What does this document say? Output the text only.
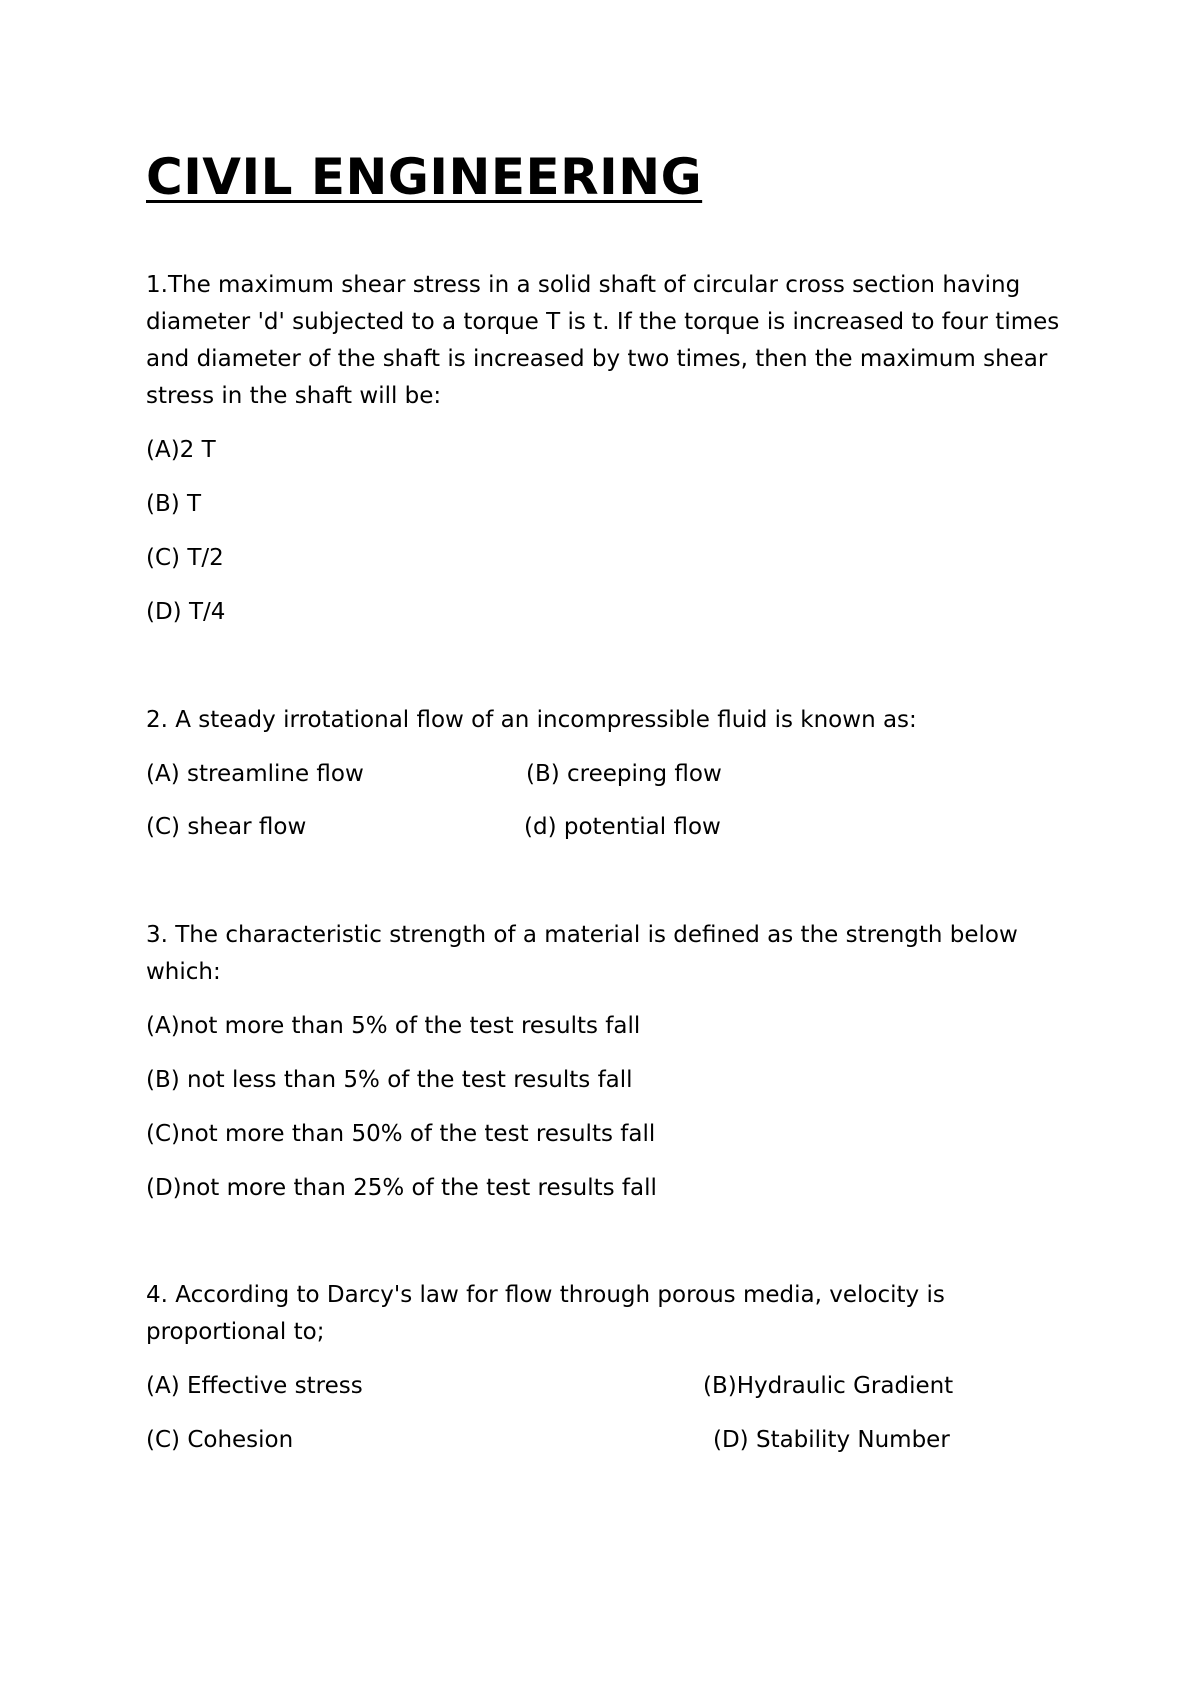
CIVIL ENGINEERING

1.The maximum shear stress in a solid shaft of circular cross section having

diameter 'd' subjected to a torque T is t. If the torque is increased to four times

and diameter of the shaft is increased by two times, then the maximum shear

stress in the shaft will be:

(A)2 T

(B) T

(C) T/2

(D) T/4

2. A steady irrotational flow of an incompressible fluid is known as:

(A) streamline flow	(B) creeping flow

(C) shear flow	(d) potential flow

3. The characteristic strength of a material is defined as the strength below

which:

(A)not more than 5% of the test results fall

(B) not less than 5% of the test results fall

(C)not more than 50% of the test results fall

(D)not more than 25% of the test results fall

4. According to Darcy's law for flow through porous media, velocity is

proportional to;

(A) Effective stress	(B)Hydraulic Gradient

(C) Cohesion	(D) Stability Number
